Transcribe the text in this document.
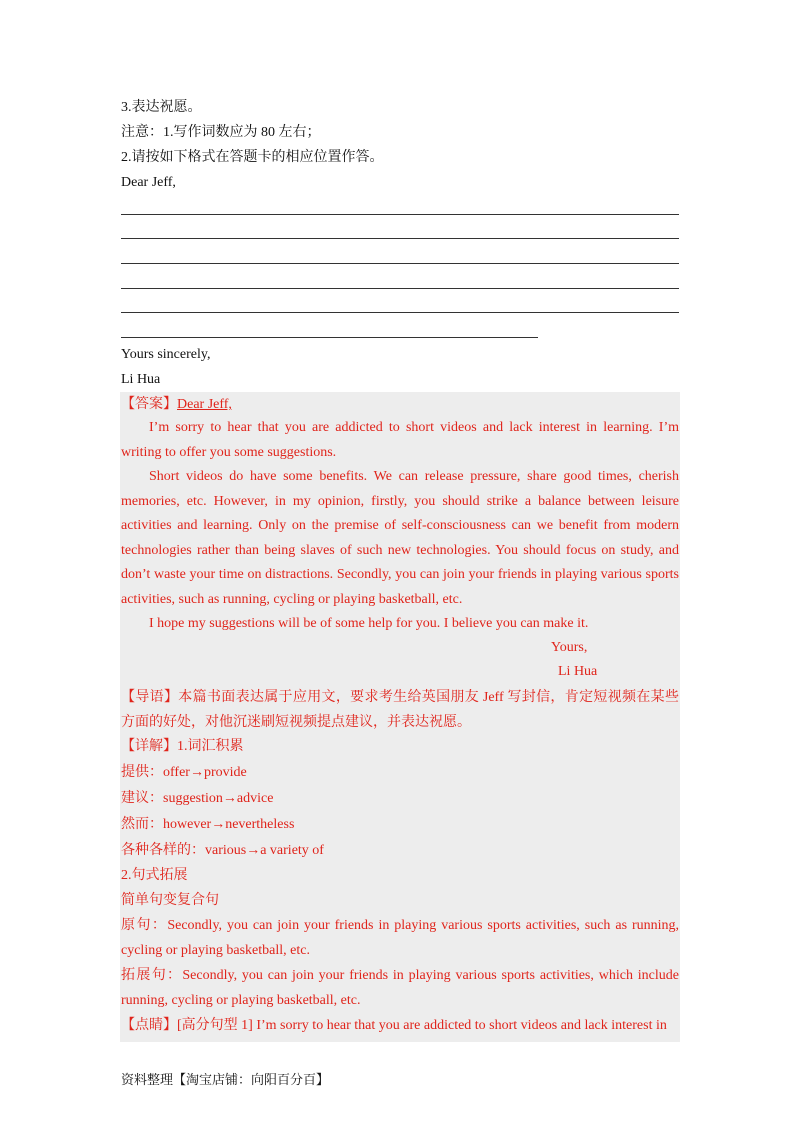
3.表达祝愿。
注意：1.写作词数应为 80 左右；
2.请按如下格式在答题卡的相应位置作答。
Dear Jeff,
Yours sincerely,
Li Hua
【答案】Dear Jeff,
I’m sorry to hear that you are addicted to short videos and lack interest in learning. I’m writing to offer you some suggestions.
Short videos do have some benefits. We can release pressure, share good times, cherish memories, etc. However, in my opinion, firstly, you should strike a balance between leisure activities and learning. Only on the premise of self-consciousness can we benefit from modern technologies rather than being slaves of such new technologies. You should focus on study, and don’t waste your time on distractions. Secondly, you can join your friends in playing various sports activities, such as running, cycling or playing basketball, etc.
I hope my suggestions will be of some help for you. I believe you can make it.
Yours,
Li Hua
【导语】本篇书面表达属于应用文，要求考生给英国朋友 Jeff 写封信，肯定短视频在某些方面的好处，对他沉迷刷短视频提点建议，并表达祝愿。
【详解】1.词汇积累
提供：offer→provide
建议：suggestion→advice
然而：however→nevertheless
各种各样的：various→a variety of
2.句式拓展
简单句变复合句
原句：Secondly, you can join your friends in playing various sports activities, such as running, cycling or playing basketball, etc.
拓展句：Secondly, you can join your friends in playing various sports activities, which include running, cycling or playing basketball, etc.
【点睛】[高分句型 1] I’m sorry to hear that you are addicted to short videos and lack interest in
资料整理【淘宝店铺：向阳百分百】
